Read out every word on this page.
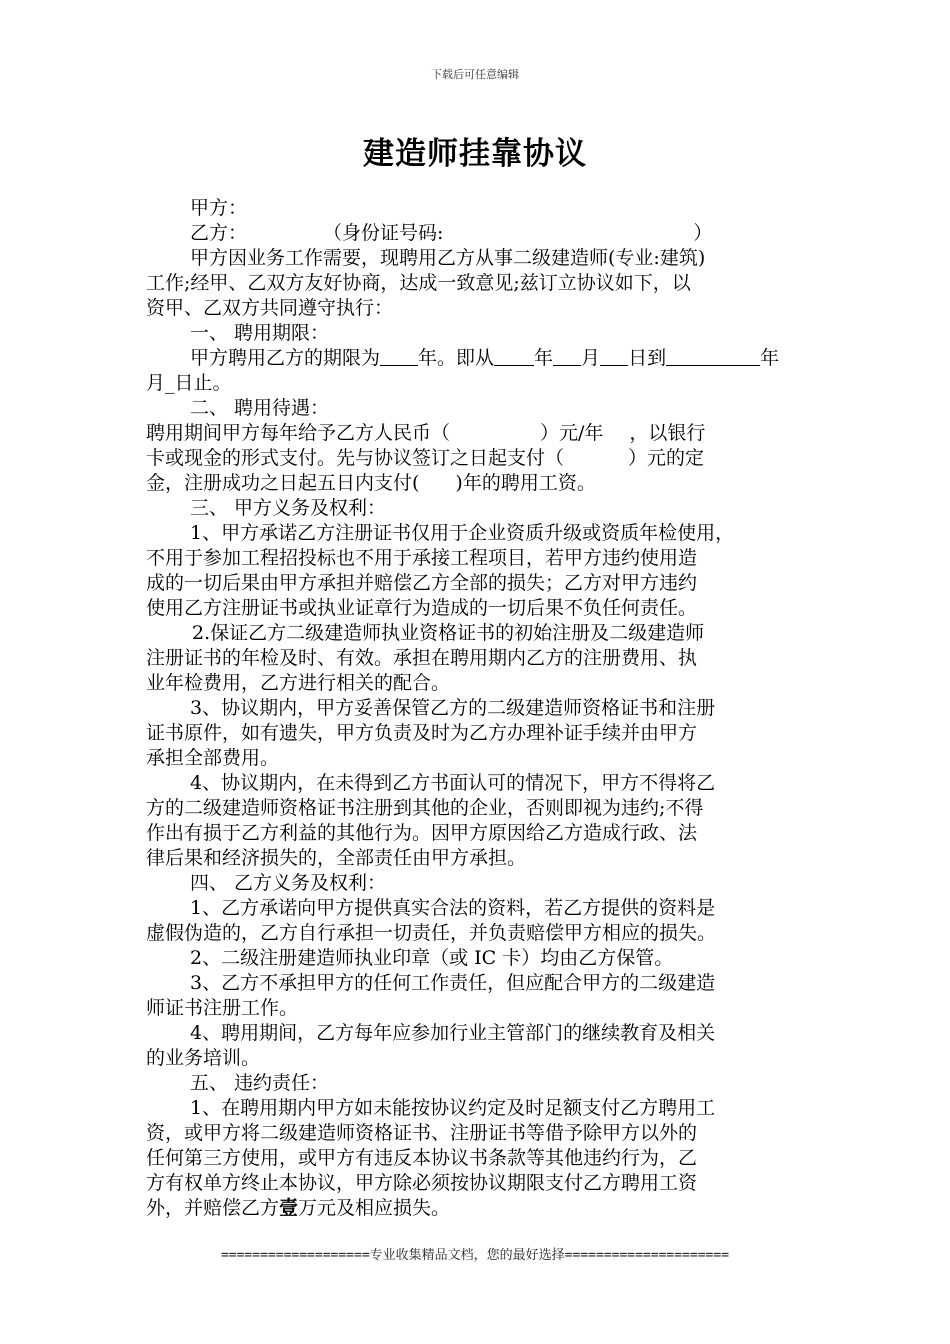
下载后可任意编辑
建造师挂靠协议

甲方：

乙方：	（身份证号码:	）

甲方因业务工作需要，现聘用乙方从事二级建造师(专业:建筑)

工作;经甲、乙双方友好协商，达成一致意见;兹订立协议如下，以

资甲、乙双方共同遵守执行：

一、 聘用期限：

甲方聘用乙方的期限为 年。即从 年 月 日到	年

月_日止。

二、 聘用待遇：

聘用期间甲方每年给予乙方人民币（	）元/年 ，以银行

卡或现金的形式支付。先与协议签订之日起支付（	）元的定

金，注册成功之日起五日内支付( )年的聘用工资。

三、 甲方义务及权利：

1、甲方承诺乙方注册证书仅用于企业资质升级或资质年检使用，

不用于参加工程招投标也不用于承接工程项目，若甲方违约使用造

成的一切后果由甲方承担并赔偿乙方全部的损失；乙方对甲方违约

使用乙方注册证书或执业证章行为造成的一切后果不负任何责任。

2.保证乙方二级建造师执业资格证书的初始注册及二级建造师

注册证书的年检及时、有效。承担在聘用期内乙方的注册费用、执

业年检费用，乙方进行相关的配合。

3、协议期内，甲方妥善保管乙方的二级建造师资格证书和注册

证书原件，如有遗失，甲方负责及时为乙方办理补证手续并由甲方

承担全部费用。

4、协议期内，在未得到乙方书面认可的情况下，甲方不得将乙

方的二级建造师资格证书注册到其他的企业，否则即视为违约;不得

作出有损于乙方利益的其他行为。因甲方原因给乙方造成行政、法

律后果和经济损失的，全部责任由甲方承担。

四、 乙方义务及权利：

1、乙方承诺向甲方提供真实合法的资料，若乙方提供的资料是

虚假伪造的，乙方自行承担一切责任，并负责赔偿甲方相应的损失。

2、二级注册建造师执业印章（或 IC 卡）均由乙方保管。

3、乙方不承担甲方的任何工作责任，但应配合甲方的二级建造

师证书注册工作。

4、聘用期间，乙方每年应参加行业主管部门的继续教育及相关

的业务培训。

五、 违约责任：

1、在聘用期内甲方如未能按协议约定及时足额支付乙方聘用工

资，或甲方将二级建造师资格证书、注册证书等借予除甲方以外的

任何第三方使用，或甲方有违反本协议书条款等其他违约行为，乙

方有权单方终止本协议，甲方除必须按协议期限支付乙方聘用工资

外，并赔偿乙方壹万元及相应损失。

===================专业收集精品文档，您的最好选择=====================
